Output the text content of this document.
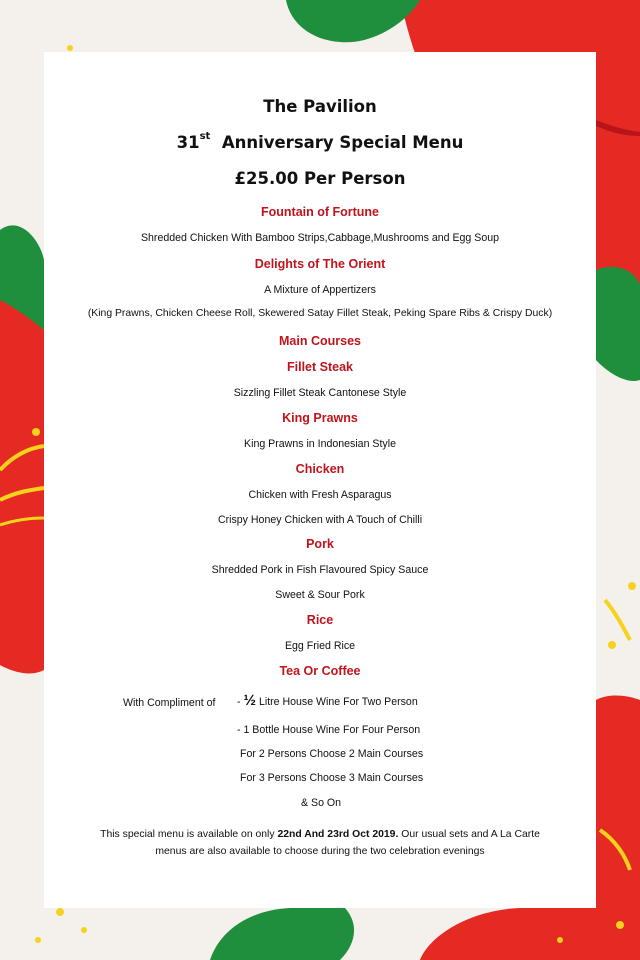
The Pavilion
31st Anniversary Special Menu
£25.00 Per Person
Fountain of Fortune
Shredded Chicken With Bamboo Strips,Cabbage,Mushrooms and Egg Soup
Delights of The Orient
A Mixture of Appertizers
(King Prawns, Chicken Cheese Roll, Skewered Satay Fillet Steak, Peking Spare Ribs & Crispy Duck)
Main Courses
Fillet Steak
Sizzling Fillet Steak Cantonese Style
King Prawns
King Prawns in Indonesian Style
Chicken
Chicken with Fresh Asparagus
Crispy Honey Chicken with A Touch of Chilli
Pork
Shredded Pork in Fish Flavoured Spicy Sauce
Sweet & Sour Pork
Rice
Egg Fried Rice
Tea Or Coffee
With Compliment of - ½ Litre House Wine For Two Person
- 1 Bottle House Wine For Four Person
For 2 Persons Choose 2 Main Courses
For 3 Persons Choose 3 Main Courses
& So On
This special menu is available on only 22nd And 23rd Oct 2019. Our usual sets and A La Carte
menus are also available to choose during the two celebration evenings
